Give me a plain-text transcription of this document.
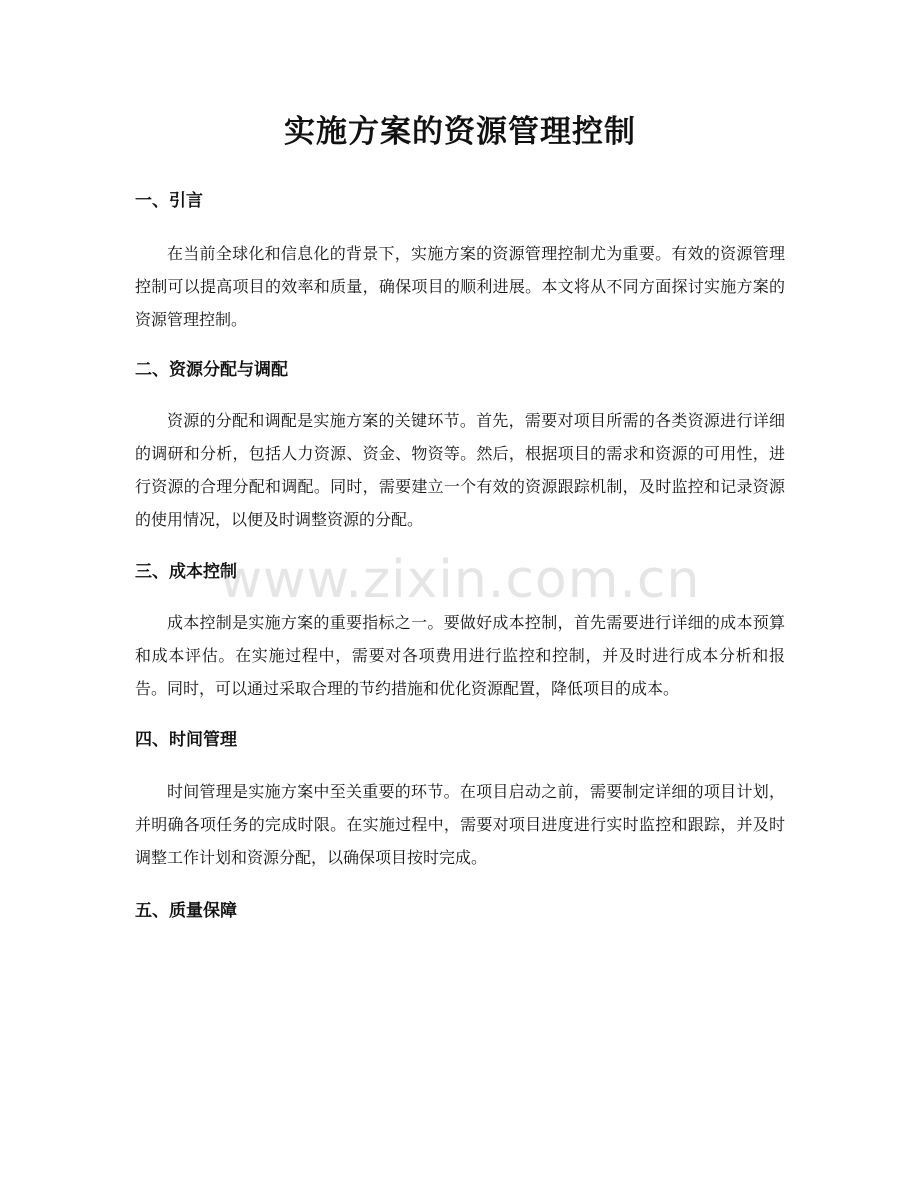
实施方案的资源管理控制
一、引言

在当前全球化和信息化的背景下，实施方案的资源管理控制尤为重要。有效的资源管理控制可以提高项目的效率和质量，确保项目的顺利进展。本文将从不同方面探讨实施方案的资源管理控制。

二、资源分配与调配

资源的分配和调配是实施方案的关键环节。首先，需要对项目所需的各类资源进行详细的调研和分析，包括人力资源、资金、物资等。然后，根据项目的需求和资源的可用性，进行资源的合理分配和调配。同时，需要建立一个有效的资源跟踪机制，及时监控和记录资源的使用情况，以便及时调整资源的分配。

三、成本控制

成本控制是实施方案的重要指标之一。要做好成本控制，首先需要进行详细的成本预算和成本评估。在实施过程中，需要对各项费用进行监控和控制，并及时进行成本分析和报告。同时，可以通过采取合理的节约措施和优化资源配置，降低项目的成本。

四、时间管理

时间管理是实施方案中至关重要的环节。在项目启动之前，需要制定详细的项目计划，并明确各项任务的完成时限。在实施过程中，需要对项目进度进行实时监控和跟踪，并及时调整工作计划和资源分配，以确保项目按时完成。

五、质量保障
www.zixin.com.cn
